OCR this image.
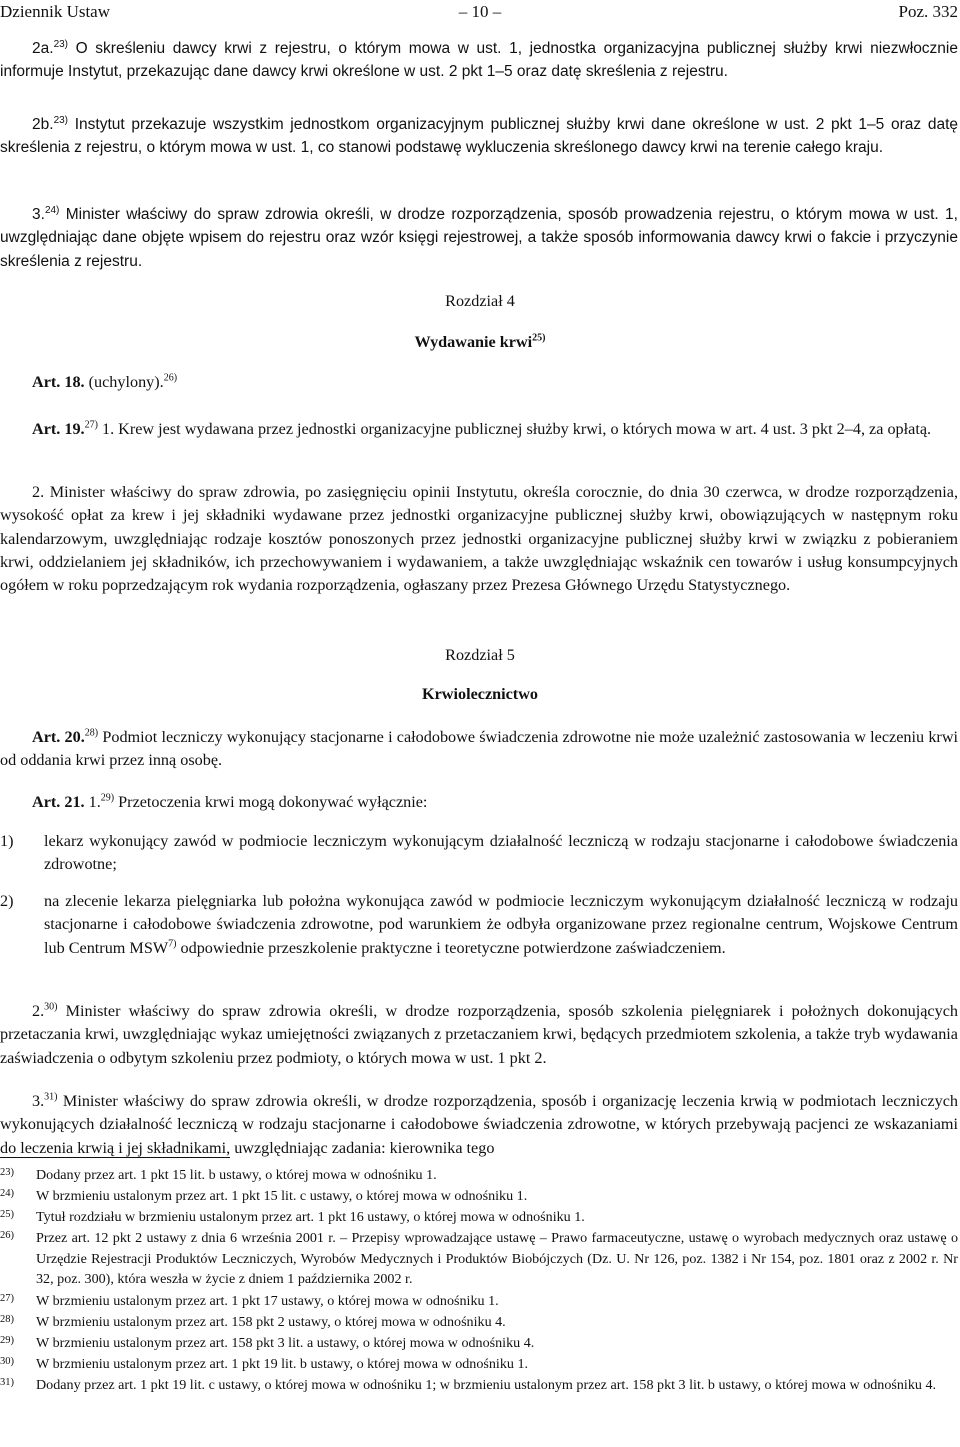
Dziennik Ustaw	– 10 –	Poz. 332
2a.$^{23)}$ O skreśleniu dawcy krwi z rejestru, o którym mowa w ust. 1, jednostka organizacyjna publicznej służby krwi niezwłocznie informuje Instytut, przekazując dane dawcy krwi określone w ust. 2 pkt 1–5 oraz datę skreślenia z rejestru.
2b.$^{23)}$ Instytut przekazuje wszystkim jednostkom organizacyjnym publicznej służby krwi dane określone w ust. 2 pkt 1–5 oraz datę skreślenia z rejestru, o którym mowa w ust. 1, co stanowi podstawę wykluczenia skreślonego dawcy krwi na terenie całego kraju.
3.$^{24)}$ Minister właściwy do spraw zdrowia określi, w drodze rozporządzenia, sposób prowadzenia rejestru, o którym mowa w ust. 1, uwzględniając dane objęte wpisem do rejestru oraz wzór księgi rejestrowej, a także sposób informowania dawcy krwi o fakcie i przyczynie skreślenia z rejestru.
Rozdział 4
Wydawanie krwi$^{25)}$
Art. 18. (uchylony).$^{26)}$
Art. 19.$^{27)}$ 1. Krew jest wydawana przez jednostki organizacyjne publicznej służby krwi, o których mowa w art. 4 ust. 3 pkt 2–4, za opłatą.
2. Minister właściwy do spraw zdrowia, po zasięgnięciu opinii Instytutu, określa corocznie, do dnia 30 czerwca, w drodze rozporządzenia, wysokość opłat za krew i jej składniki wydawane przez jednostki organizacyjne publicznej służby krwi, obowiązujących w następnym roku kalendarzowym, uwzględniając rodzaje kosztów ponoszonych przez jednostki organizacyjne publicznej służby krwi w związku z pobieraniem krwi, oddzielaniem jej składników, ich przechowywaniem i wydawaniem, a także uwzględniając wskaźnik cen towarów i usług konsumpcyjnych ogółem w roku poprzedzającym rok wydania rozporządzenia, ogłaszany przez Prezesa Głównego Urzędu Statystycznego.
Rozdział 5
Krwiolecznictwo
Art. 20.$^{28)}$ Podmiot leczniczy wykonujący stacjonarne i całodobowe świadczenia zdrowotne nie może uzależnić zastosowania w leczeniu krwi od oddania krwi przez inną osobę.
Art. 21. 1.$^{29)}$ Przetoczenia krwi mogą dokonywać wyłącznie:
1) lekarz wykonujący zawód w podmiocie leczniczym wykonującym działalność leczniczą w rodzaju stacjonarne i całodobowe świadczenia zdrowotne;
2) na zlecenie lekarza pielęgniarka lub położna wykonująca zawód w podmiocie leczniczym wykonującym działalność leczniczą w rodzaju stacjonarne i całodobowe świadczenia zdrowotne, pod warunkiem że odbyła organizowane przez regionalne centrum, Wojskowe Centrum lub Centrum MSW$^{7)}$ odpowiednie przeszkolenie praktyczne i teoretyczne potwierdzone zaświadczeniem.
2.$^{30)}$ Minister właściwy do spraw zdrowia określi, w drodze rozporządzenia, sposób szkolenia pielęgniarek i położnych dokonujących przetaczania krwi, uwzględniając wykaz umiejętności związanych z przetaczaniem krwi, będących przedmiotem szkolenia, a także tryb wydawania zaświadczenia o odbytym szkoleniu przez podmioty, o których mowa w ust. 1 pkt 2.
3.$^{31)}$ Minister właściwy do spraw zdrowia określi, w drodze rozporządzenia, sposób i organizację leczenia krwią w podmiotach leczniczych wykonujących działalność leczniczą w rodzaju stacjonarne i całodobowe świadczenia zdrowotne, w których przebywają pacjenci ze wskazaniami do leczenia krwią i jej składnikami, uwzględniając zadania: kierownika tego
23) Dodany przez art. 1 pkt 15 lit. b ustawy, o której mowa w odnośniku 1.
24) W brzmieniu ustalonym przez art. 1 pkt 15 lit. c ustawy, o której mowa w odnośniku 1.
25) Tytuł rozdziału w brzmieniu ustalonym przez art. 1 pkt 16 ustawy, o której mowa w odnośniku 1.
26) Przez art. 12 pkt 2 ustawy z dnia 6 września 2001 r. – Przepisy wprowadzające ustawę – Prawo farmaceutyczne, ustawę o wyrobach medycznych oraz ustawę o Urzędzie Rejestracji Produktów Leczniczych, Wyrobów Medycznych i Produktów Biobójczych (Dz. U. Nr 126, poz. 1382 i Nr 154, poz. 1801 oraz z 2002 r. Nr 32, poz. 300), która weszła w życie z dniem 1 października 2002 r.
27) W brzmieniu ustalonym przez art. 1 pkt 17 ustawy, o której mowa w odnośniku 1.
28) W brzmieniu ustalonym przez art. 158 pkt 2 ustawy, o której mowa w odnośniku 4.
29) W brzmieniu ustalonym przez art. 158 pkt 3 lit. a ustawy, o której mowa w odnośniku 4.
30) W brzmieniu ustalonym przez art. 1 pkt 19 lit. b ustawy, o której mowa w odnośniku 1.
31) Dodany przez art. 1 pkt 19 lit. c ustawy, o której mowa w odnośniku 1; w brzmieniu ustalonym przez art. 158 pkt 3 lit. b ustawy, o której mowa w odnośniku 4.
